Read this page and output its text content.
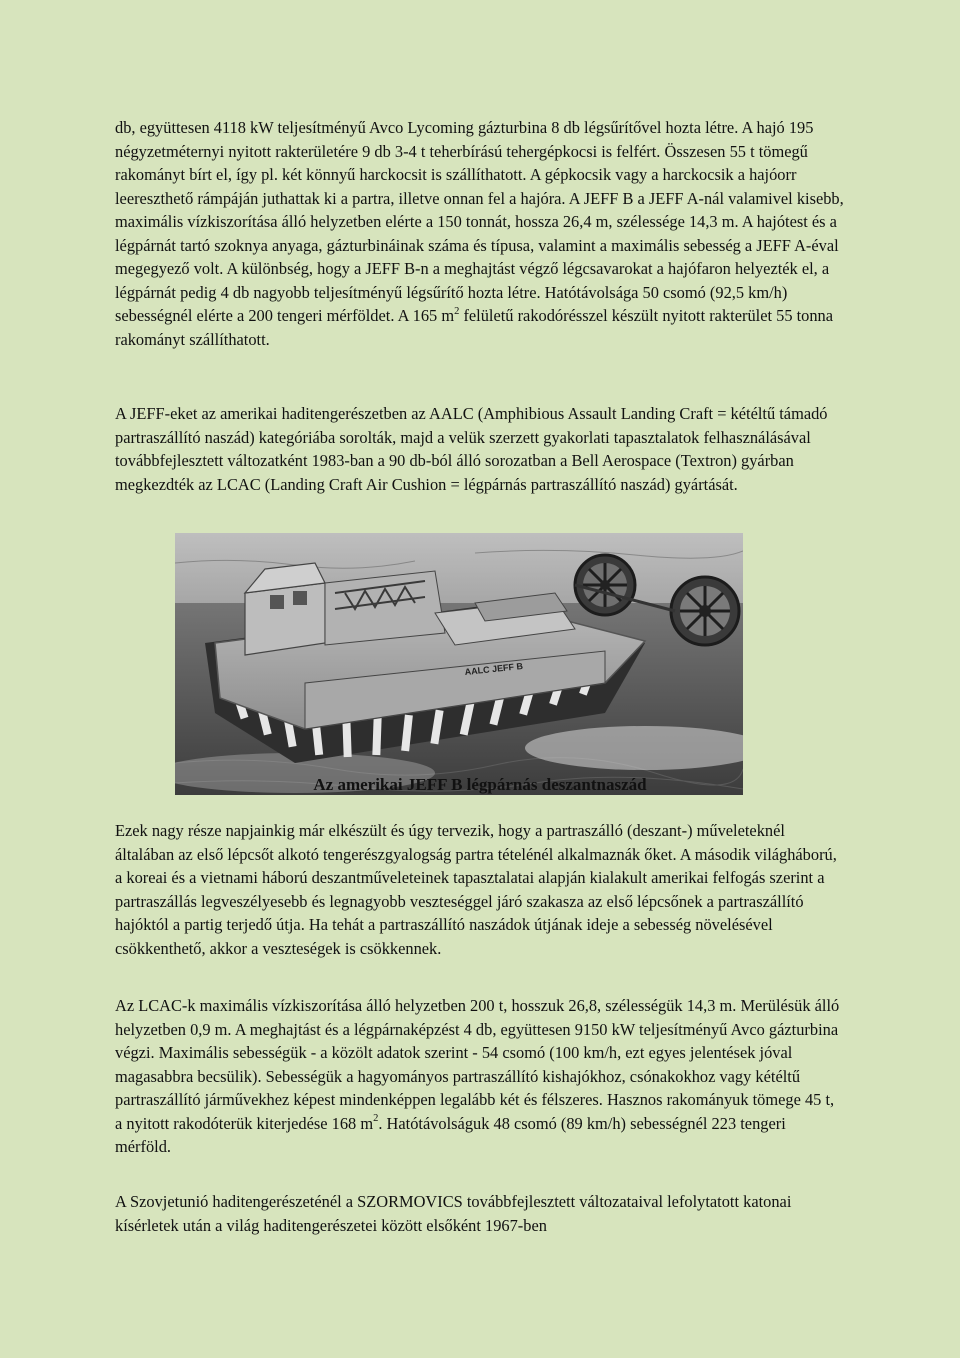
db, együttesen 4118 kW teljesítményű Avco Lycoming gázturbina 8 db légsűrítővel hozta létre. A hajó 195 négyzetméternyi nyitott rakterületére 9 db 3-4 t teherbírású tehergépkocsi is felfért. Összesen 55 t tömegű rakományt bírt el, így pl. két könnyű harckocsit is szállíthatott. A gépkocsik vagy a harckocsik a hajóorr leereszthető rámpáján juthattak ki a partra, illetve onnan fel a hajóra. A JEFF B a JEFF A-nál valamivel kisebb, maximális vízkiszorítása álló helyzetben elérte a 150 tonnát, hossza 26,4 m, szélessége 14,3 m. A hajótest és a légpárnát tartó szoknya anyaga, gázturbináinak száma és típusa, valamint a maximális sebesség a JEFF A-éval megegyező volt. A különbség, hogy a JEFF B-n a meghajtást végző légcsavarokat a hajófaron helyezték el, a légpárnát pedig 4 db nagyobb teljesítményű légsűrítő hozta létre. Hatótávolsága 50 csomó (92,5 km/h) sebességnél elérte a 200 tengeri mérföldet. A 165 $m^2$ felületű rakodórésszel készült nyitott rakterület 55 tonna rakományt szállíthatott.

A JEFF-eket az amerikai haditengerészetben az AALC (Amphibious Assault Landing Craft = kétéltű támadó partraszállító naszád) kategóriába sorolták, majd a velük szerzett gyakorlati tapasztalatok felhasználásával továbbfejlesztett változatként 1983-ban a 90 db-ból álló sorozatban a Bell Aerospace (Textron) gyárban megkezdték az LCAC (Landing Craft Air Cushion = légpárnás partraszállító naszád) gyártását.

AALC JEFF B

Az amerikai JEFF B légpárnás deszantnaszád

Ezek nagy része napjainkig már elkészült és úgy tervezik, hogy a partraszálló (deszant-) műveleteknél általában az első lépcsőt alkotó tengerészgyalogság partra tételénél alkalmaznák őket. A második világháború, a koreai és a vietnami háború deszantműveleteinek tapasztalatai alapján kialakult amerikai felfogás szerint a partraszállás legveszélyesebb és legnagyobb veszteséggel járó szakasza az első lépcsőnek a partraszállító hajóktól a partig terjedő útja. Ha tehát a partraszállító naszádok útjának ideje a sebesség növelésével csökkenthető, akkor a veszteségek is csökkennek.

Az LCAC-k maximális vízkiszorítása álló helyzetben 200 t, hosszuk 26,8, szélességük 14,3 m. Merülésük álló helyzetben 0,9 m. A meghajtást és a légpárnaképzést 4 db, együttesen 9150 kW teljesítményű Avco gázturbina végzi. Maximális sebességük - a közölt adatok szerint - 54 csomó (100 km/h, ezt egyes jelentések jóval magasabbra becsülik). Sebességük a hagyományos partraszállító kishajókhoz, csónakokhoz vagy kétéltű partraszállító járművekhez képest mindenképpen legalább két és félszeres. Hasznos rakományuk tömege 45 t, a nyitott rakodóterük kiterjedése 168 $m^2$. Hatótávolságuk 48 csomó (89 km/h) sebességnél 223 tengeri mérföld.

A Szovjetunió haditengerészeténél a SZORMOVICS továbbfejlesztett változataival lefolytatott katonai kísérletek után a világ haditengerészetei között elsőként 1967-ben
